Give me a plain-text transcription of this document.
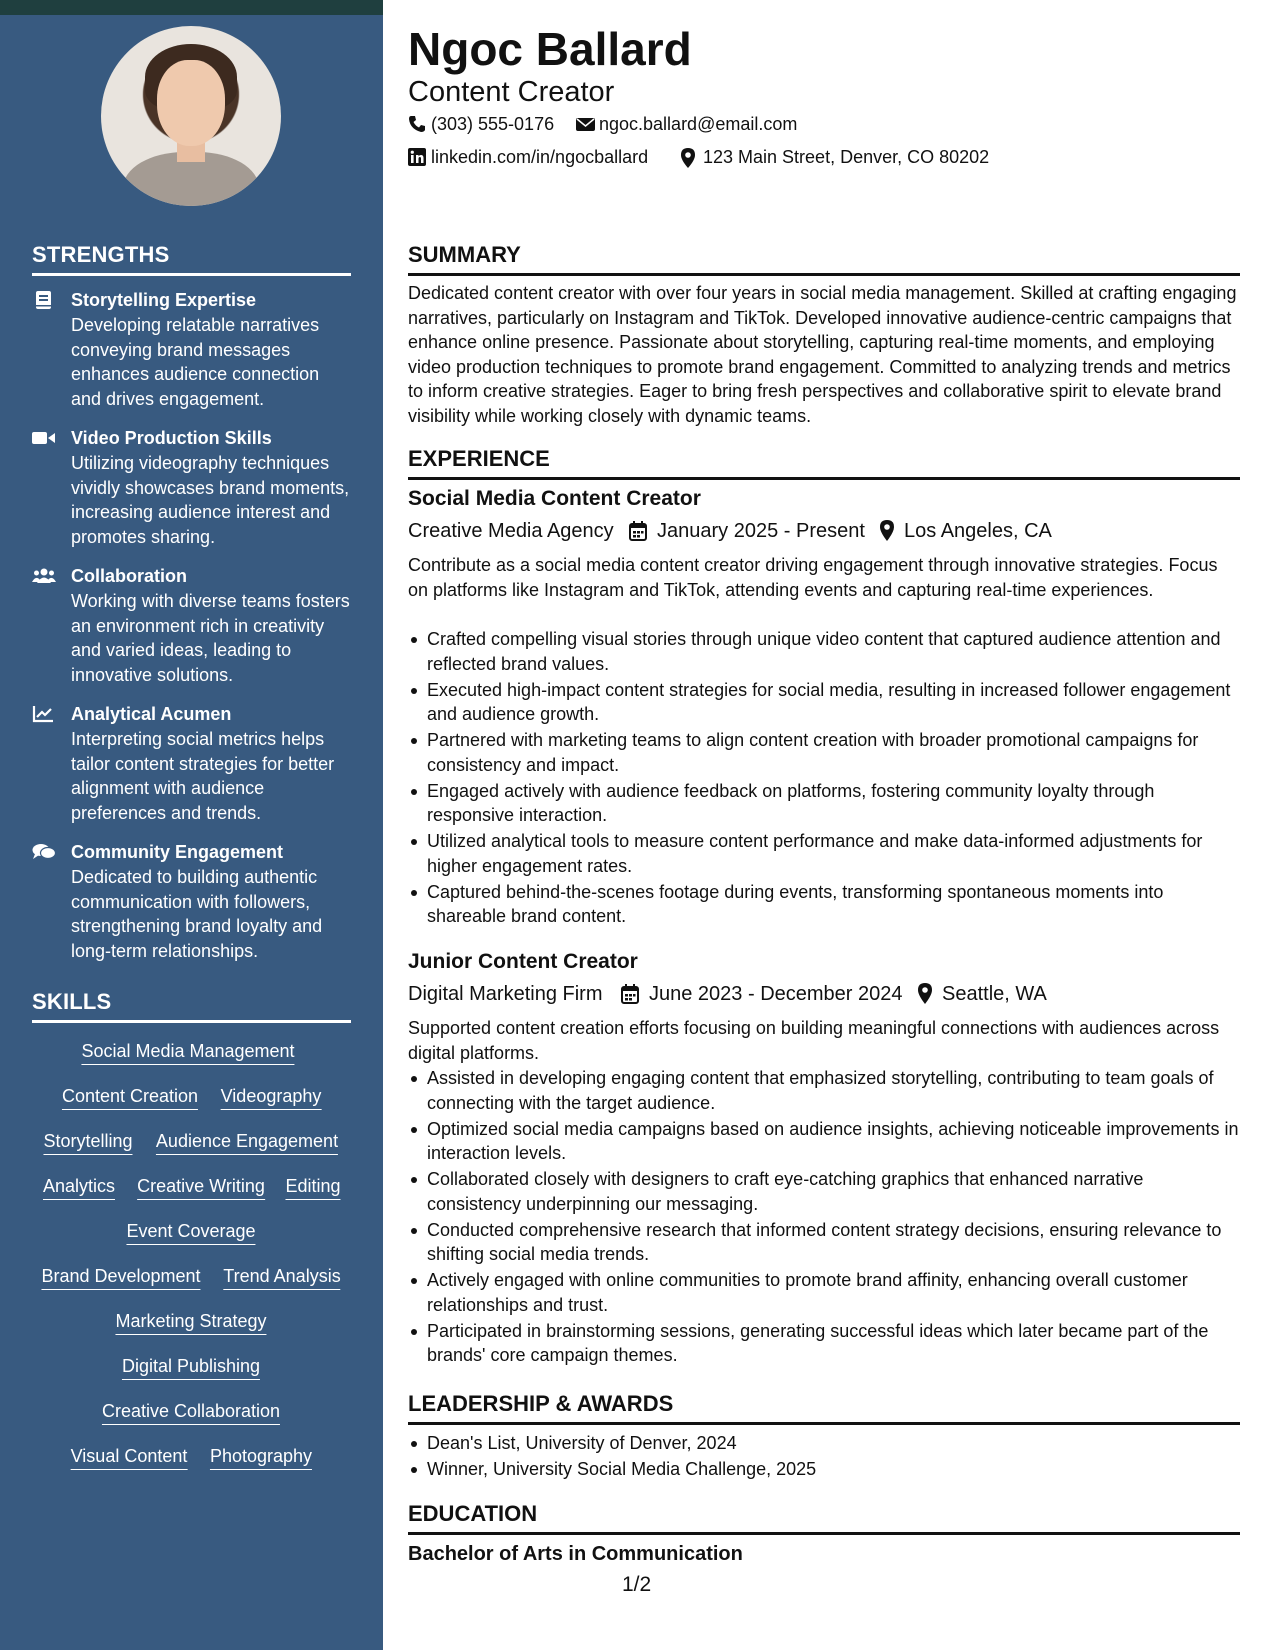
STRENGTHS
Storytelling Expertise
Developing relatable narratives conveying brand messages enhances audience connection and drives engagement.
Video Production Skills
Utilizing videography techniques vividly showcases brand moments, increasing audience interest and promotes sharing.
Collaboration
Working with diverse teams fosters an environment rich in creativity and varied ideas, leading to innovative solutions.
Analytical Acumen
Interpreting social metrics helps tailor content strategies for better alignment with audience preferences and trends.
Community Engagement
Dedicated to building authentic communication with followers, strengthening brand loyalty and long-term relationships.
SKILLS
Social Media Management
Content Creation Videography
Storytelling Audience Engagement
Analytics Creative Writing Editing
Event Coverage
Brand Development Trend Analysis
Marketing Strategy
Digital Publishing
Creative Collaboration
Visual Content Photography
Ngoc Ballard
Content Creator
(303) 555-0176 ngoc.ballard@email.com
linkedin.com/in/ngocballard	123 Main Street, Denver, CO 80202
SUMMARY
Dedicated content creator with over four years in social media management. Skilled at crafting engaging narratives, particularly on Instagram and TikTok. Developed innovative audience-centric campaigns that enhance online presence. Passionate about storytelling, capturing real-time moments, and employing video production techniques to promote brand engagement. Committed to analyzing trends and metrics to inform creative strategies. Eager to bring fresh perspectives and collaborative spirit to elevate brand visibility while working closely with dynamic teams.
EXPERIENCE
Social Media Content Creator
Creative Media Agency January 2025 - Present Los Angeles, CA
Contribute as a social media content creator driving engagement through innovative strategies. Focus on platforms like Instagram and TikTok, attending events and capturing real-time experiences.
Crafted compelling visual stories through unique video content that captured audience attention and reflected brand values.
Executed high-impact content strategies for social media, resulting in increased follower engagement and audience growth.
Partnered with marketing teams to align content creation with broader promotional campaigns for consistency and impact.
Engaged actively with audience feedback on platforms, fostering community loyalty through responsive interaction.
Utilized analytical tools to measure content performance and make data-informed adjustments for higher engagement rates.
Captured behind-the-scenes footage during events, transforming spontaneous moments into shareable brand content.
Junior Content Creator
Digital Marketing Firm June 2023 - December 2024 Seattle, WA
Supported content creation efforts focusing on building meaningful connections with audiences across digital platforms.
Assisted in developing engaging content that emphasized storytelling, contributing to team goals of connecting with the target audience.
Optimized social media campaigns based on audience insights, achieving noticeable improvements in interaction levels.
Collaborated closely with designers to craft eye-catching graphics that enhanced narrative consistency underpinning our messaging.
Conducted comprehensive research that informed content strategy decisions, ensuring relevance to shifting social media trends.
Actively engaged with online communities to promote brand affinity, enhancing overall customer relationships and trust.
Participated in brainstorming sessions, generating successful ideas which later became part of the brands' core campaign themes.
LEADERSHIP & AWARDS
Dean's List, University of Denver, 2024
Winner, University Social Media Challenge, 2025
EDUCATION
Bachelor of Arts in Communication
1/2
